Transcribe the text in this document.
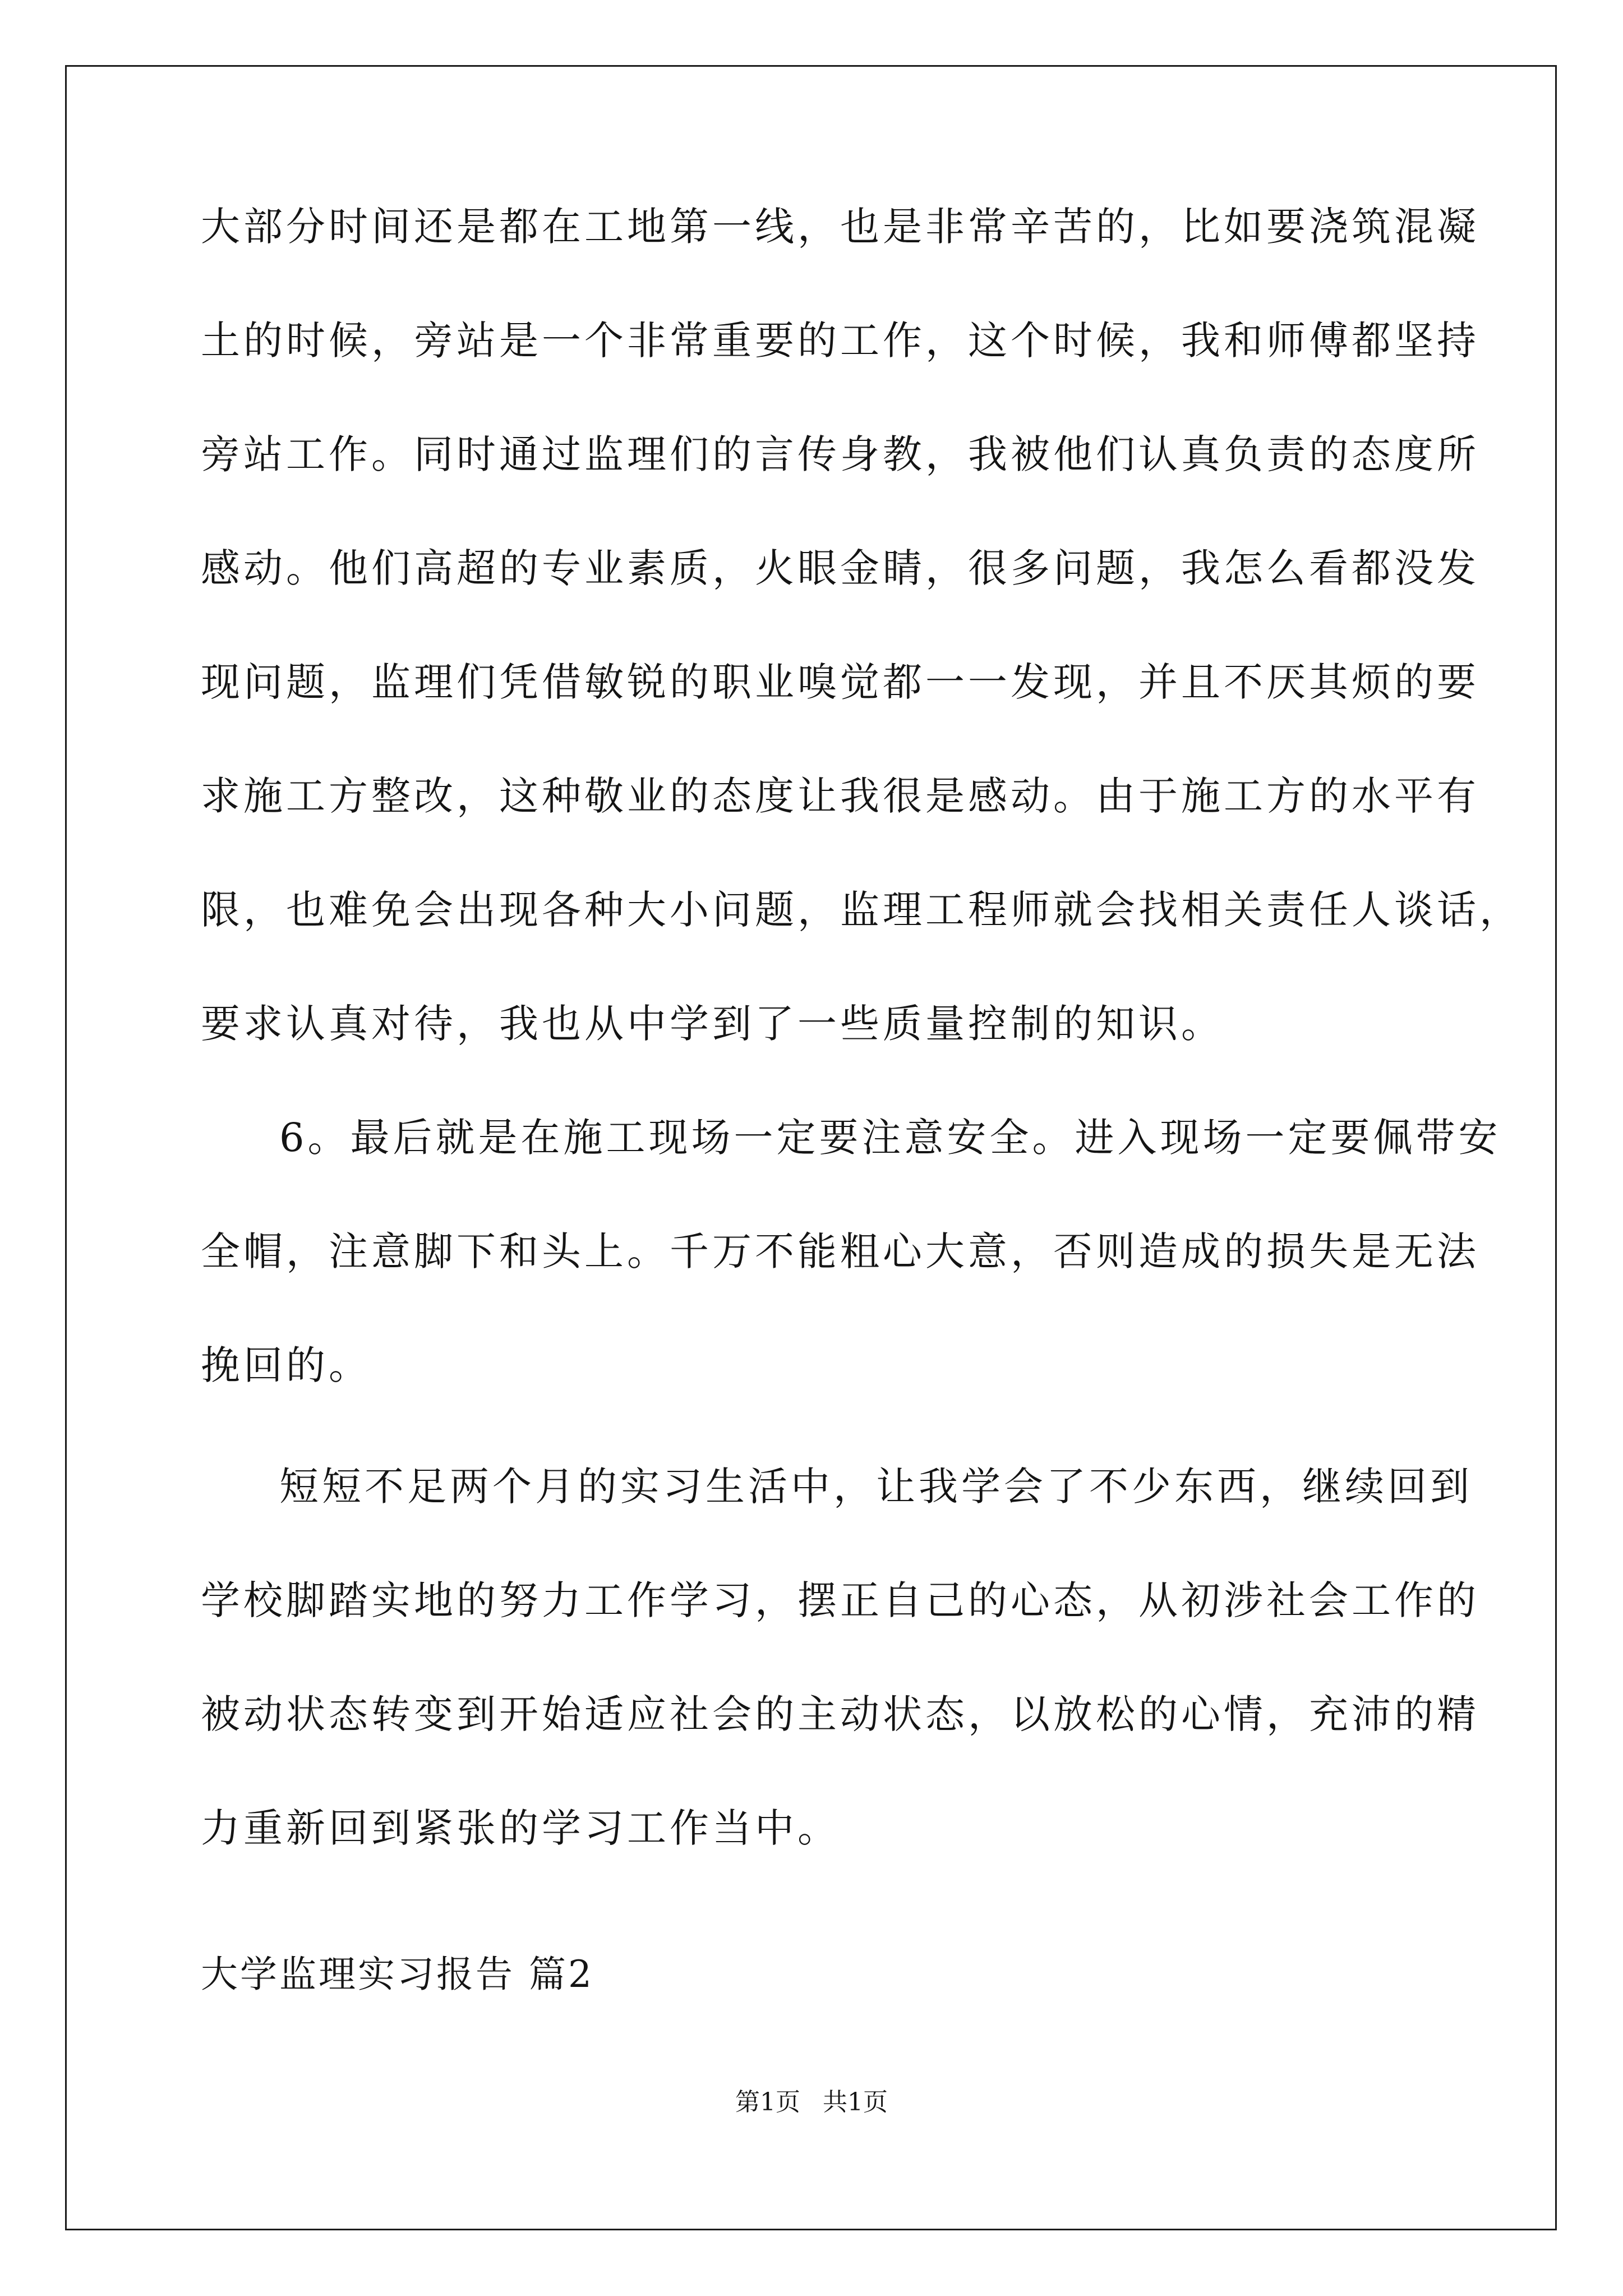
大部分时间还是都在工地第一线，也是非常辛苦的，比如要浇筑混凝
土的时候，旁站是一个非常重要的工作，这个时候，我和师傅都坚持
旁站工作。同时通过监理们的言传身教，我被他们认真负责的态度所
感动。他们高超的专业素质，火眼金睛，很多问题，我怎么看都没发
现问题，监理们凭借敏锐的职业嗅觉都一一发现，并且不厌其烦的要
求施工方整改，这种敬业的态度让我很是感动。由于施工方的水平有
限，也难免会出现各种大小问题，监理工程师就会找相关责任人谈话，
要求认真对待，我也从中学到了一些质量控制的知识。
6。最后就是在施工现场一定要注意安全。进入现场一定要佩带安
全帽，注意脚下和头上。千万不能粗心大意，否则造成的损失是无法
挽回的。
短短不足两个月的实习生活中，让我学会了不少东西，继续回到
学校脚踏实地的努力工作学习，摆正自己的心态，从初涉社会工作的
被动状态转变到开始适应社会的主动状态，以放松的心情，充沛的精
力重新回到紧张的学习工作当中。
大学监理实习报告 篇2
第1页 共1页
